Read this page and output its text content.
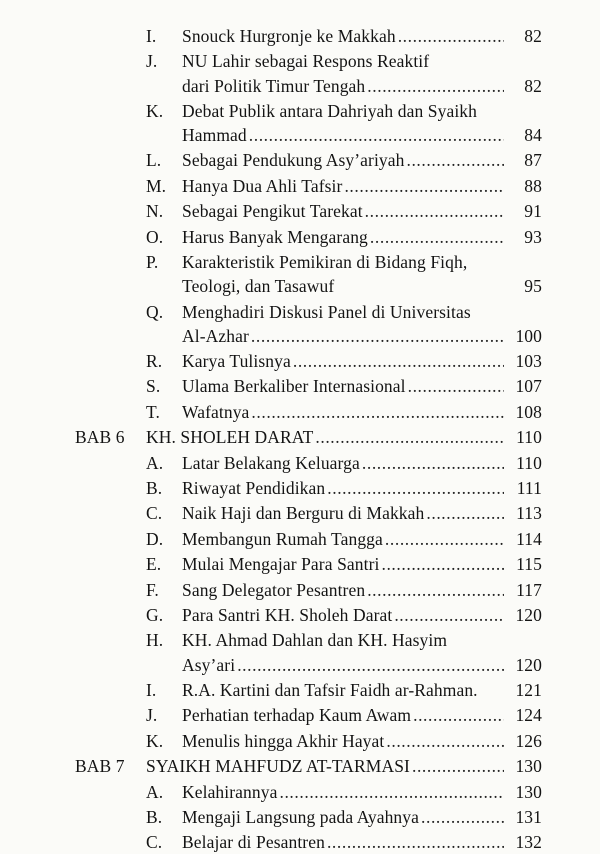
I.	Snouck Hurgronje ke Makkah .....	82
J.	NU Lahir sebagai Respons Reaktif
dari Politik Timur Tengah .....	82
K.	Debat Publik antara Dahriyah dan Syaikh
Hammad .....	84
L.	Sebagai Pendukung Asy’ariyah .....	87
M. Hanya Dua Ahli Tafsir .....	88
N.	Sebagai Pengikut Tarekat .....	91
O.	Harus Banyak Mengarang .....	93
P.	Karakteristik Pemikiran di Bidang Fiqh,
Teologi, dan Tasawuf	95
Q.	Menghadiri Diskusi Panel di Universitas
Al-Azhar .....	100
R.	Karya Tulisnya .....	103
S.	Ulama Berkaliber Internasional .....	107
T.	Wafatnya .....	108
BAB 6	KH. SHOLEH DARAT .....	110
A.	Latar Belakang Keluarga .....	110
B.	Riwayat Pendidikan .....	111
C.	Naik Haji dan Berguru di Makkah .....	113
D.	Membangun Rumah Tangga .....	114
E.	Mulai Mengajar Para Santri .....	115
F.	Sang Delegator Pesantren .....	117
G.	Para Santri KH. Sholeh Darat .....	120
H.	KH. Ahmad Dahlan dan KH. Hasyim
Asy’ari .....	120
I.	R.A. Kartini dan Tafsir Faidh ar-Rahman. 121
J.	Perhatian terhadap Kaum Awam .....	124
K.	Menulis hingga Akhir Hayat .....	126
BAB 7	SYAIKH MAHFUDZ AT-TARMASI .....	130
A.	Kelahirannya .....	130
B.	Mengaji Langsung pada Ayahnya .....	131
C.	Belajar di Pesantren .....	132
